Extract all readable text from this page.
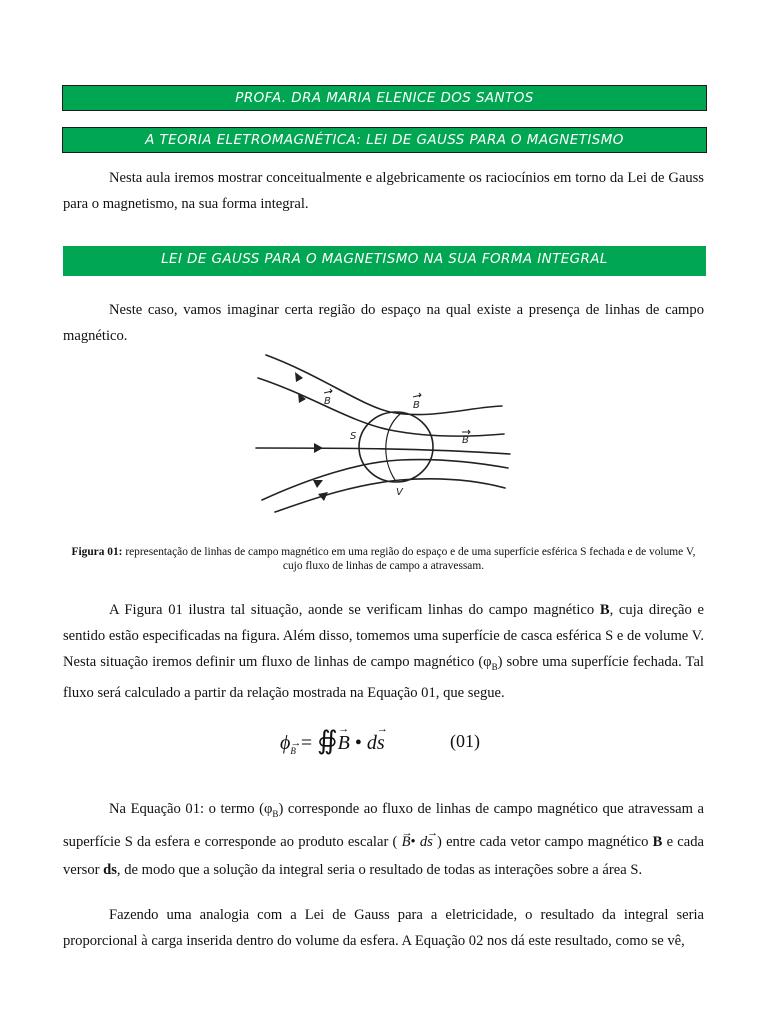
PROFA. DRA MARIA ELENICE DOS SANTOS
A TEORIA ELETROMAGNÉTICA: LEI DE GAUSS PARA O MAGNETISMO

Nesta aula iremos mostrar conceitualmente e algebricamente os raciocínios em torno da Lei de Gauss para o magnetismo, na sua forma integral.

LEI DE GAUSS PARA O MAGNETISMO NA SUA FORMA INTEGRAL

Neste caso, vamos imaginar certa região do espaço na qual existe a presença de linhas de campo magnético.

B	B
B
S
V

Figura 01: representação de linhas de campo magnético em uma região do espaço e de uma superfície esférica S fechada e de volume V, cujo fluxo de linhas de campo a atravessam.

A Figura 01 ilustra tal situação, aonde se verificam linhas do campo magnético B, cuja direção e sentido estão especificadas na figura. Além disso, tomemos uma superfície de casca esférica S e de volume V. Nesta situação iremos definir um fluxo de linhas de campo magnético $(\varphi_B)$ sobre uma superfície fechada. Tal fluxo será calculado a partir da relação mostrada na Equação 01, que segue.

ϕ→ $_B$ = ∯→ B • d→ s	(01)

Na Equação 01: o termo $(\varphi_B)$ corresponde ao fluxo de linhas de campo magnético que atravessam a superfície S da esfera e corresponde ao produto escalar ( → B• d→ s ) entre cada vetor campo magnético B e cada versor ds, de modo que a solução da integral seria o resultado de todas as interações sobre a área S.

Fazendo uma analogia com a Lei de Gauss para a eletricidade, o resultado da integral seria proporcional à carga inserida dentro do volume da esfera. A Equação 02 nos dá este resultado, como se vê,
